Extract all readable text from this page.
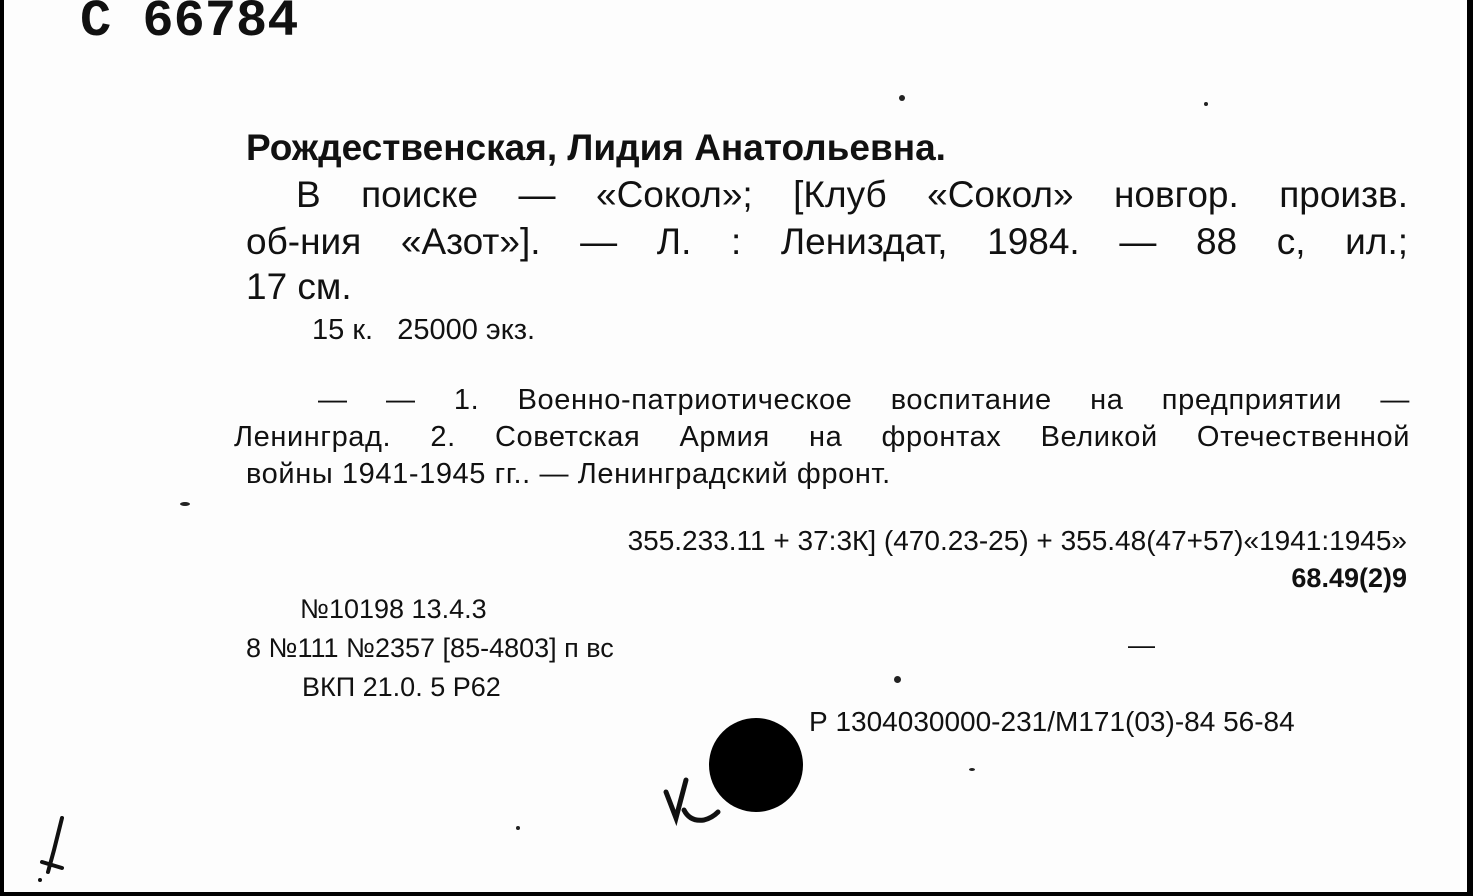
С 66784
Рождественская, Лидия Анатольевна.
В поиске — «Сокол»; [Клуб «Сокол» новгор. произв.
об-ния «Азот»]. — Л. : Лениздат, 1984. — 88 с, ил.;
17 см.
15 к.   25000 экз.
— — 1. Военно-патриотическое воспитание на предприятии —
Ленинград. 2. Советская Армия на фронтах Великой Отечественной
войны 1941-1945 гг.. — Ленинградский фронт.
355.233.11 + 37:3К] (470.23-25) + 355.48(47+57)«1941:1945»
68.49(2)9
№10198 13.4.3
8 №111 №2357 [85-4803] п вс
ВКП 21.0. 5 Р62
—
Р 1304030000-231/М171(03)-84 56-84
